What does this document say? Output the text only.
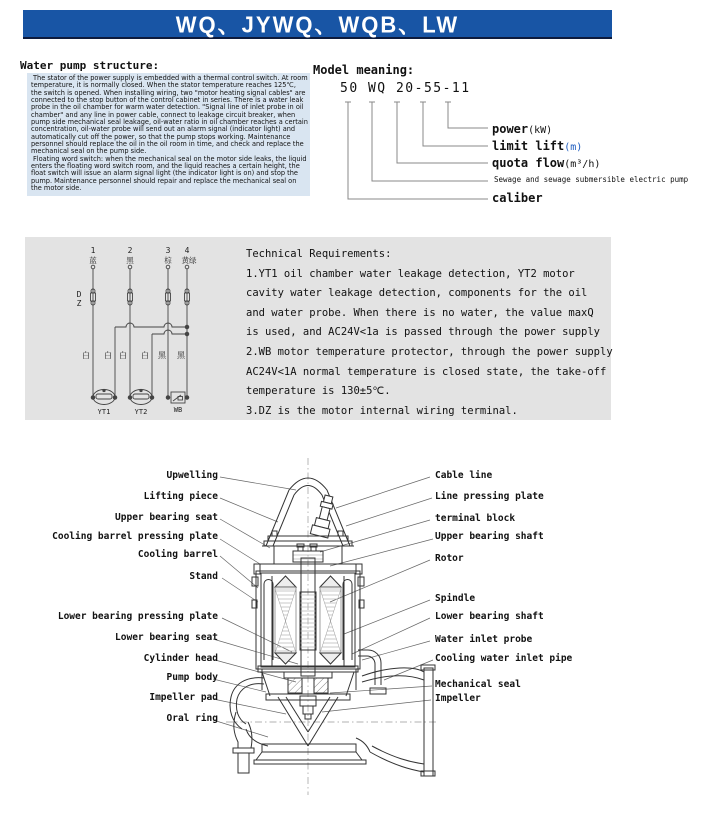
WQ、JYWQ、WQB、LW
Water pump structure:

The stator of the power supply is embedded with a thermal control switch. At room temperature, it is normally closed. When the stator temperature reaches 125℃, the switch is opened. When installing wiring, two "motor heating signal cables" are connected to the stop button of the control cabinet in series. There is a water leak probe in the oil chamber for warm water detection. "Signal line of inlet probe in oil chamber" and any line in power cable, connect to leakage circuit breaker, when pump side mechanical seal leakage, oil-water ratio in oil chamber reaches a certain concentration, oil-water probe will send out an alarm signal (indicator light) and automatically cut off the power, so that the pump stops working. Maintenance personnel should replace the oil in the oil room in time, and check and replace the mechanical seal on the pump side.

Floating word switch: when the mechanical seal on the motor side leaks, the liquid enters the floating word switch room, and the liquid reaches a certain height, the float switch will issue an alarm signal light (the indicator light is on) and stop the pump. Maintenance personnel should repair and replace the mechanical seal on the motor side.

Model meaning:
50 WQ 20-55-11
power(kW)
limit lift(m)
quota flow(m³/h)
Sewage and sewage submersible electric pump
caliber
1	2	3 4
蓝	黑	棕 黄绿
D
Z
白 白 白 白 黑 黑
YT1	YT2	WB
Technical Requirements:
1.YT1 oil chamber water leakage detection, YT2 motor
cavity water leakage detection, components for the oil
and water probe. When there is no water, the value maxQ
is used, and AC24V<1a is passed through the power supply
2.WB motor temperature protector, through the power supply
AC24V<1A normal temperature is closed state, the take-off
temperature is 130±5℃.
3.DZ is the motor internal wiring terminal.
Upwelling
Lifting piece
Upper bearing seat
Cooling barrel pressing plate
Cooling barrel
Stand
Lower bearing pressing plate
Lower bearing seat
Cylinder head
Pump body
Impeller pad
Oral ring
Cable line
Line pressing plate
terminal block
Upper bearing shaft
Rotor
Spindle
Lower bearing shaft
Water inlet probe
Cooling water inlet pipe
Mechanical seal
Impeller
